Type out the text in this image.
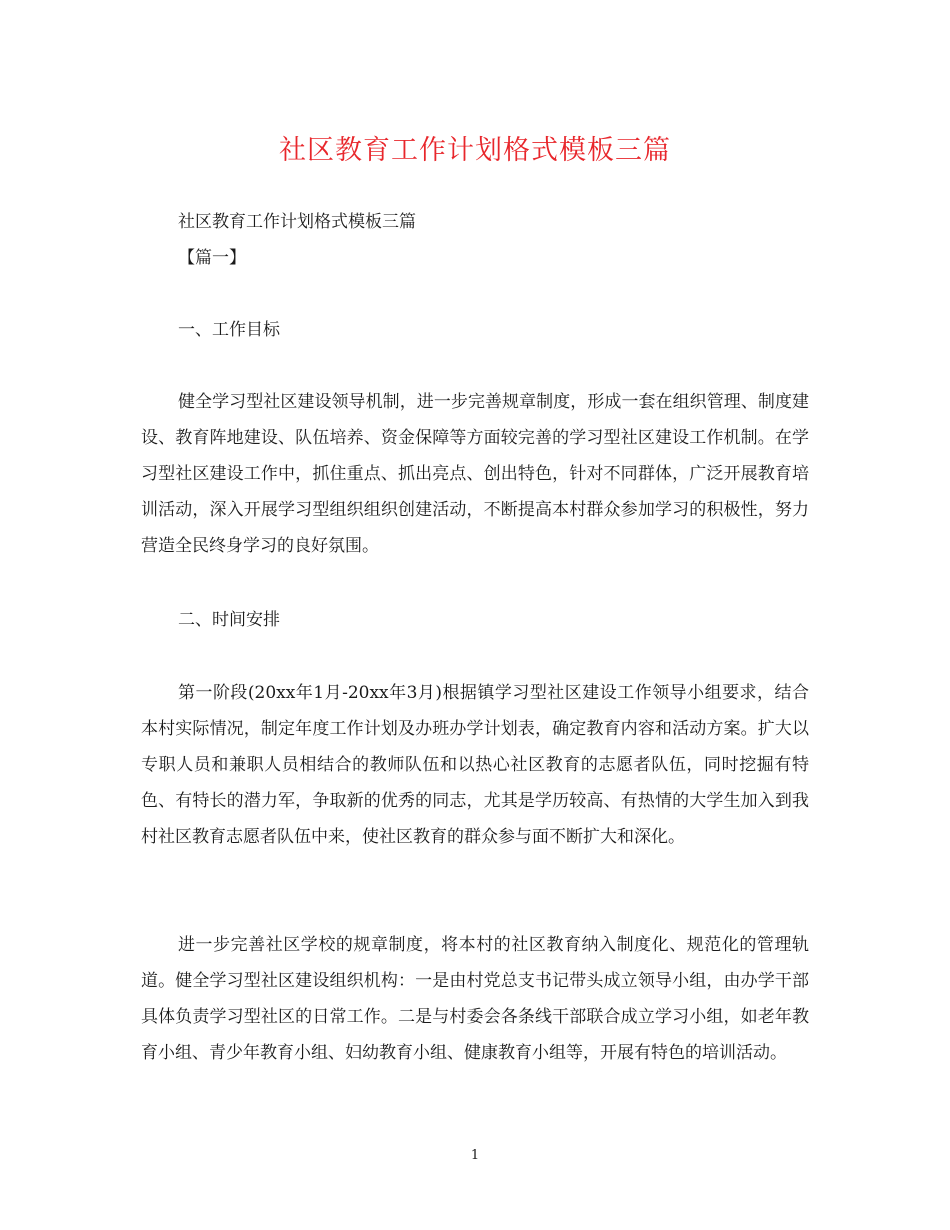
社区教育工作计划格式模板三篇
社区教育工作计划格式模板三篇
【篇一】
一、工作目标
健全学习型社区建设领导机制，进一步完善规章制度，形成一套在组织管理、制度建设、教育阵地建设、队伍培养、资金保障等方面较完善的学习型社区建设工作机制。在学习型社区建设工作中，抓住重点、抓出亮点、创出特色，针对不同群体，广泛开展教育培训活动，深入开展学习型组织组织创建活动，不断提高本村群众参加学习的积极性，努力营造全民终身学习的良好氛围。
二、时间安排
第一阶段(20xx年1月-20xx年3月)根据镇学习型社区建设工作领导小组要求，结合本村实际情况，制定年度工作计划及办班办学计划表，确定教育内容和活动方案。扩大以专职人员和兼职人员相结合的教师队伍和以热心社区教育的志愿者队伍，同时挖掘有特色、有特长的潜力军，争取新的优秀的同志，尤其是学历较高、有热情的大学生加入到我村社区教育志愿者队伍中来，使社区教育的群众参与面不断扩大和深化。
进一步完善社区学校的规章制度，将本村的社区教育纳入制度化、规范化的管理轨道。健全学习型社区建设组织机构：一是由村党总支书记带头成立领导小组，由办学干部具体负责学习型社区的日常工作。二是与村委会各条线干部联合成立学习小组，如老年教育小组、青少年教育小组、妇幼教育小组、健康教育小组等，开展有特色的培训活动。
1
